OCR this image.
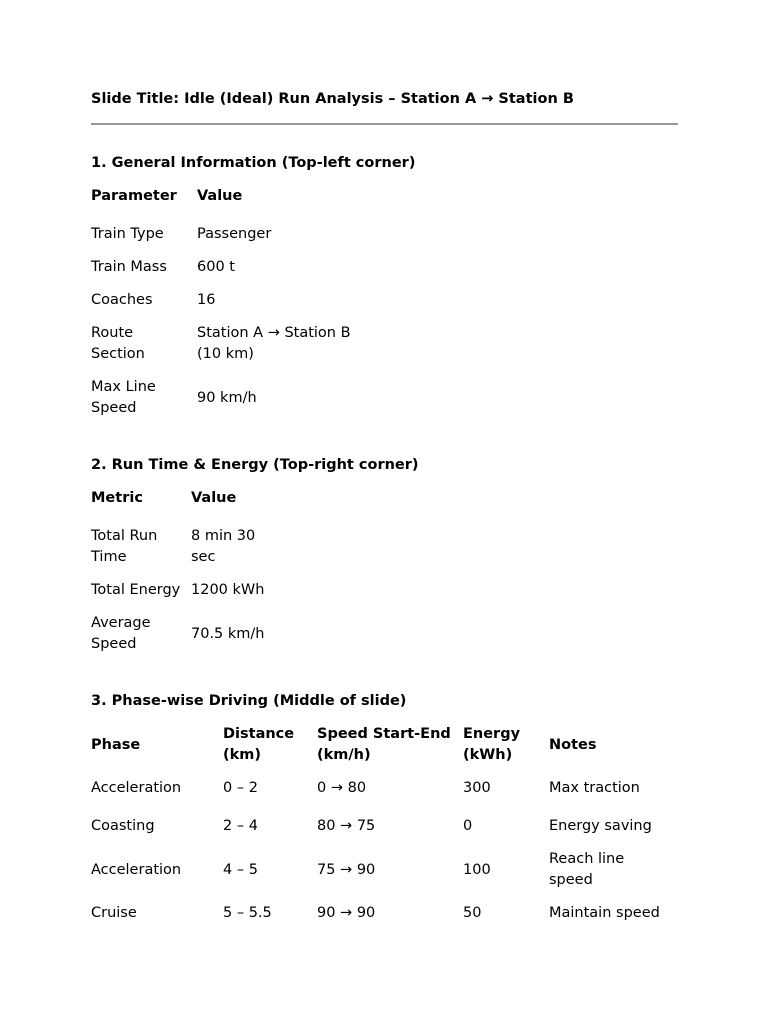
Slide Title: Idle (Ideal) Run Analysis – Station A → Station B
1. General Information (Top-left corner)
Parameter	Value

Train Type	Passenger
Train Mass	600 t
Coaches	16

Route Section	Station A → Station B (10 km)

Max Line Speed	90 km/h
2. Run Time & Energy (Top-right corner)
Metric	Value

Total Run Time	8 min 30 sec

Total Energy	1200 kWh

Average Speed	70.5 km/h
3. Phase-wise Driving (Middle of slide)
Phase	Distance (km)	Speed Start-End (km/h)	Energy (kWh)	Notes
Acceleration	0 – 2	0 → 80	300	Max traction
Coasting	2 – 4	80 → 75	0	Energy saving
Acceleration	4 – 5	75 → 90	100	Reach line speed

Cruise	5 – 5.5	90 → 90	50	Maintain speed
